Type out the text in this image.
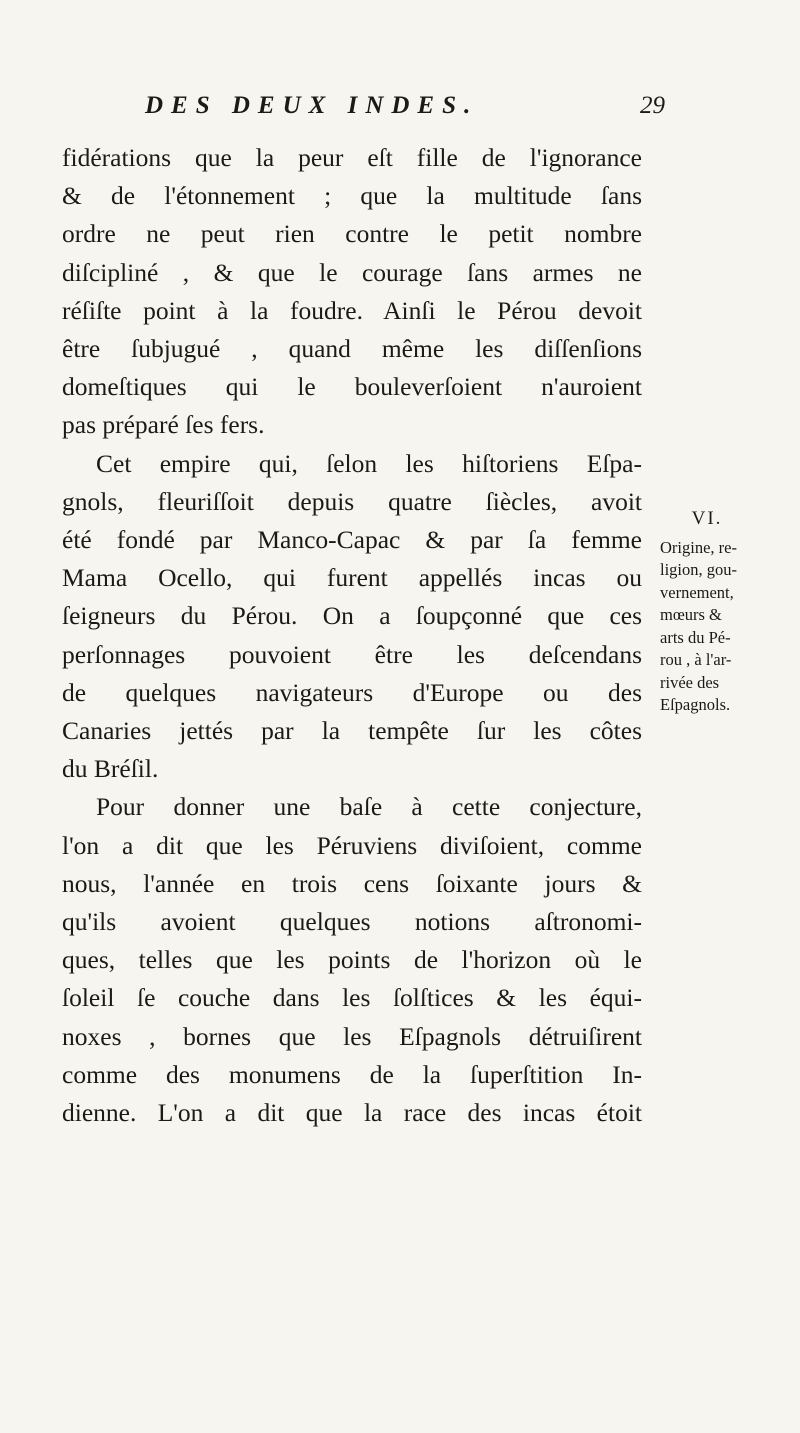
DES DEUX INDES.	29
fidérations que la peur eſt fille de l'ignorance
& de l'étonnement ; que la multitude ſans
ordre ne peut rien contre le petit nombre
diſcipliné , & que le courage ſans armes ne
réſiſte point à la foudre. Ainſi le Pérou devoit
être ſubjugué , quand même les diſſenſions
domeſtiques qui le bouleverſoient n'auroient
pas préparé ſes fers.
Cet empire qui, ſelon les hiſtoriens Eſpa-
gnols, fleuriſſoit depuis quatre ſiècles, avoit
été fondé par Manco-Capac & par ſa femme
Mama Ocello, qui furent appellés incas ou
ſeigneurs du Pérou. On a ſoupçonné que ces
perſonnages pouvoient être les deſcendans
de quelques navigateurs d'Europe ou des
Canaries jettés par la tempête ſur les côtes
du Bréſil.
Pour donner une baſe à cette conjecture,
l'on a dit que les Péruviens diviſoient, comme
nous, l'année en trois cens ſoixante jours &
qu'ils avoient quelques notions aſtronomi-
ques, telles que les points de l'horizon où le
ſoleil ſe couche dans les ſolſtices & les équi-
noxes , bornes que les Eſpagnols détruiſirent
comme des monumens de la ſuperſtition In-
dienne. L'on a dit que la race des incas étoit
VI.
Origine, re-
ligion, gou-
vernement,
mœurs &
arts du Pé-
rou , à l'ar-
rivée des
Eſpagnols.
